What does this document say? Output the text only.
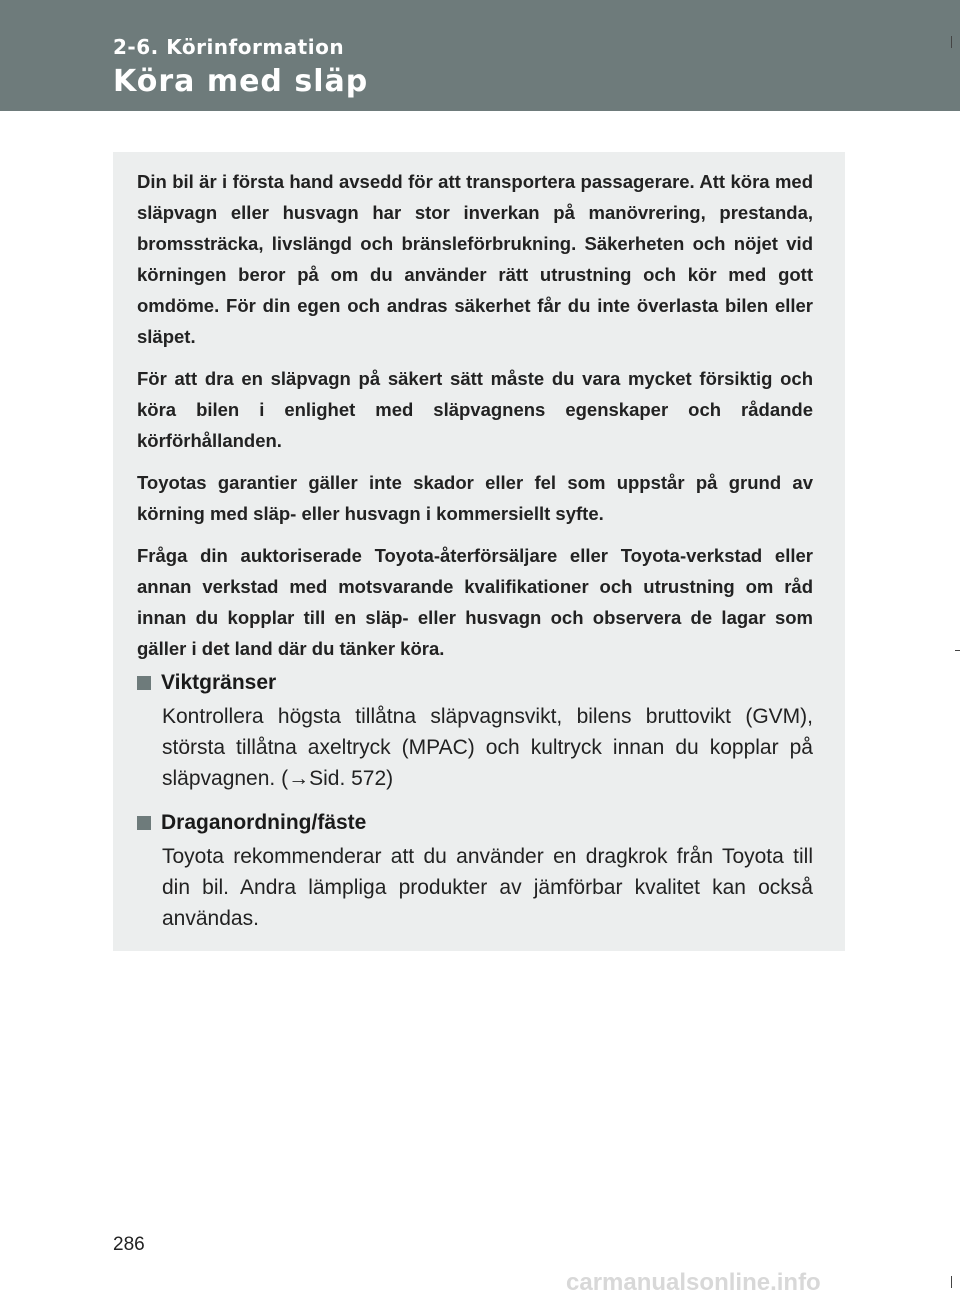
2-6. Körinformation
Köra med släp

Din bil är i första hand avsedd för att transportera passagerare. Att köra med släpvagn eller husvagn har stor inverkan på manövrering, prestanda, bromssträcka, livslängd och bränsleförbrukning. Säkerheten och nöjet vid körningen beror på om du använder rätt utrustning och kör med gott omdöme. För din egen och andras säkerhet får du inte överlasta bilen eller släpet.

För att dra en släpvagn på säkert sätt måste du vara mycket försiktig och köra bilen i enlighet med släpvagnens egenskaper och rådande körförhållanden.

Toyotas garantier gäller inte skador eller fel som uppstår på grund av körning med släp- eller husvagn i kommersiellt syfte.

Fråga din auktoriserade Toyota-återförsäljare eller Toyota-verkstad eller annan verkstad med motsvarande kvalifikationer och utrustning om råd innan du kopplar till en släp- eller husvagn och observera de lagar som gäller i det land där du tänker köra.

Viktgränser
Kontrollera högsta tillåtna släpvagnsvikt, bilens bruttovikt (GVM), största tillåtna axeltryck (MPAC) och kultryck innan du kopplar på släpvagnen. (→Sid. 572)
Draganordning/fäste
Toyota rekommenderar att du använder en dragkrok från Toyota till din bil. Andra lämpliga produkter av jämförbar kvalitet kan också användas.
286
carmanualsonline.info
